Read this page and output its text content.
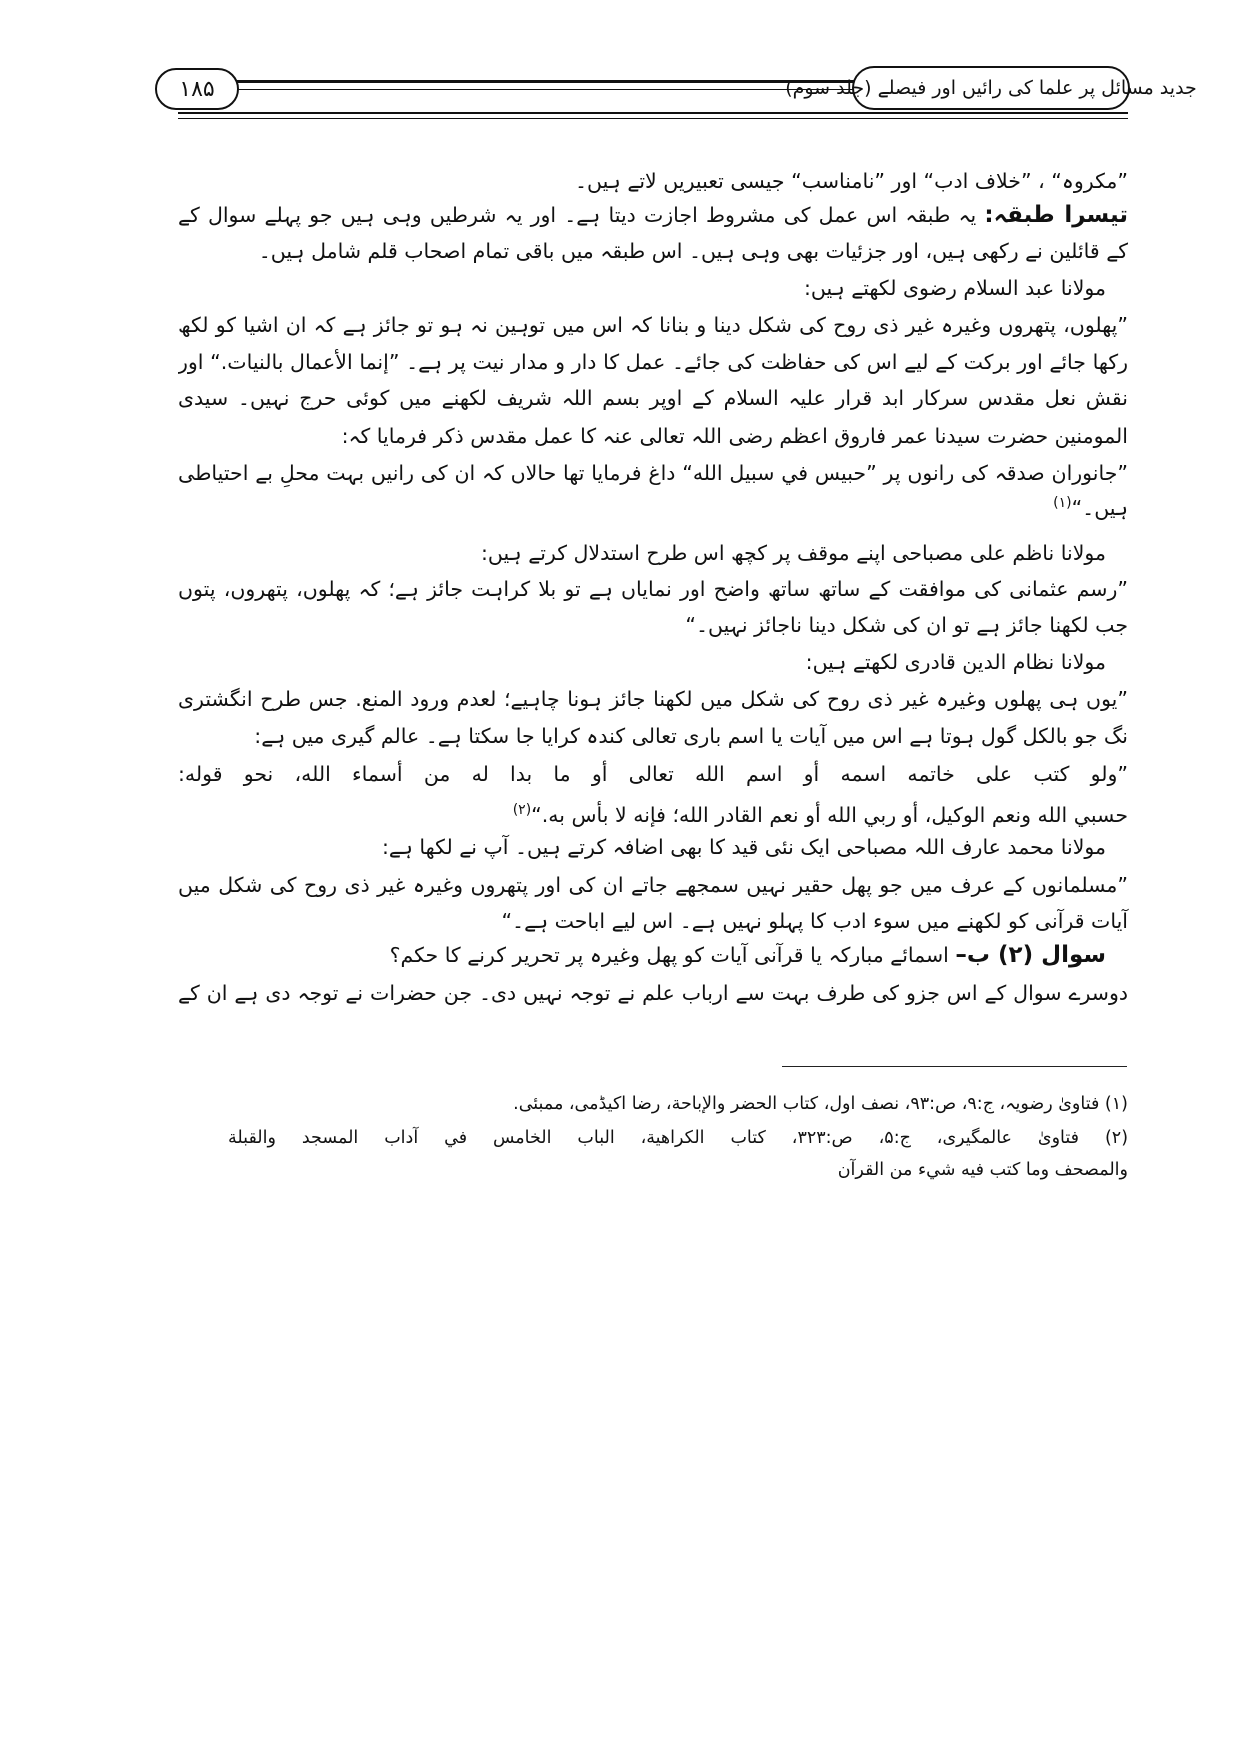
۱۸۵	جدید مسائل پر علما کی رائیں اور فیصلے (جلد سوم)
”مکروہ“ ، ”خلاف ادب“ اور ”نامناسب“ جیسی تعبیریں لاتے ہیں۔
تیسرا طبقہ: یہ طبقہ اس عمل کی مشروط اجازت دیتا ہے۔ اور یہ شرطیں وہی ہیں جو پہلے سوال کے
کے قائلین نے رکھی ہیں، اور جزئیات بھی وہی ہیں۔ اس طبقہ میں باقی تمام اصحاب قلم شامل ہیں۔
مولانا عبد السلام رضوی لکھتے ہیں:
”پھلوں، پتھروں وغیرہ غیر ذی روح کی شکل دینا و بنانا کہ اس میں توہین نہ ہو تو جائز ہے کہ ان اشیا کو لکھ
رکھا جائے اور برکت کے لیے اس کی حفاظت کی جائے۔ عمل کا دار و مدار نیت پر ہے۔ ”إنما الأعمال بالنيات.“ اور
نقش نعل مقدس سرکار ابد قرار علیہ السلام کے اوپر بسم اللہ شریف لکھنے میں کوئی حرج نہیں۔ سیدی
المومنین حضرت سیدنا عمر فاروق اعظم رضی اللہ تعالی عنہ کا عمل مقدس ذکر فرمایا کہ:
”جانوران صدقہ کی رانوں پر ”حبيس في سبيل الله“ داغ فرمایا تھا حالاں کہ ان کی رانیں بہت محلِ بے احتیاطی
ہیں۔“$^{(۱)}$
مولانا ناظم علی مصباحی اپنے موقف پر کچھ اس طرح استدلال کرتے ہیں:
”رسم عثمانی کی موافقت کے ساتھ ساتھ واضح اور نمایاں ہے تو بلا کراہت جائز ہے؛ کہ پھلوں، پتھروں، پتوں
جب لکھنا جائز ہے تو ان کی شکل دینا ناجائز نہیں۔“
مولانا نظام الدین قادری لکھتے ہیں:
”یوں ہی پھلوں وغیرہ غیر ذی روح کی شکل میں لکھنا جائز ہونا چاہیے؛ لعدم ورود المنع. جس طرح انگشتری
نگ جو بالکل گول ہوتا ہے اس میں آیات یا اسم باری تعالی کندہ کرایا جا سکتا ہے۔ عالم گیری میں ہے:
”ولو كتب على خاتمه اسمه أو اسم الله تعالى أو ما بدا له من أسماء الله، نحو قوله:
حسبي الله ونعم الوكيل، أو ربي الله أو نعم القادر الله؛ فإنه لا بأس به.“$^{(۲)}$
مولانا محمد عارف اللہ مصباحی ایک نئی قید کا بھی اضافہ کرتے ہیں۔ آپ نے لکھا ہے:
”مسلمانوں کے عرف میں جو پھل حقیر نہیں سمجھے جاتے ان کی اور پتھروں وغیرہ غیر ذی روح کی شکل میں
آیات قرآنی کو لکھنے میں سوء ادب کا پہلو نہیں ہے۔ اس لیے اباحت ہے۔“
سوال (۲) ب– اسمائے مبارکہ یا قرآنی آیات کو پھل وغیرہ پر تحریر کرنے کا حکم؟
دوسرے سوال کے اس جزو کی طرف بہت سے ارباب علم نے توجہ نہیں دی۔ جن حضرات نے توجہ دی ہے ان کے
(۱) فتاویٰ رضویہ، ج:۹، ص:۹۳، نصف اول، کتاب الحضر والإباحة، رضا اکیڈمی، ممبئی.
(۲) فتاویٰ عالمگیری، ج:۵، ص:۳۲۳، کتاب الكراهية، الباب الخامس في آداب المسجد والقبلة
والمصحف وما كتب فيه شيء من القرآن
